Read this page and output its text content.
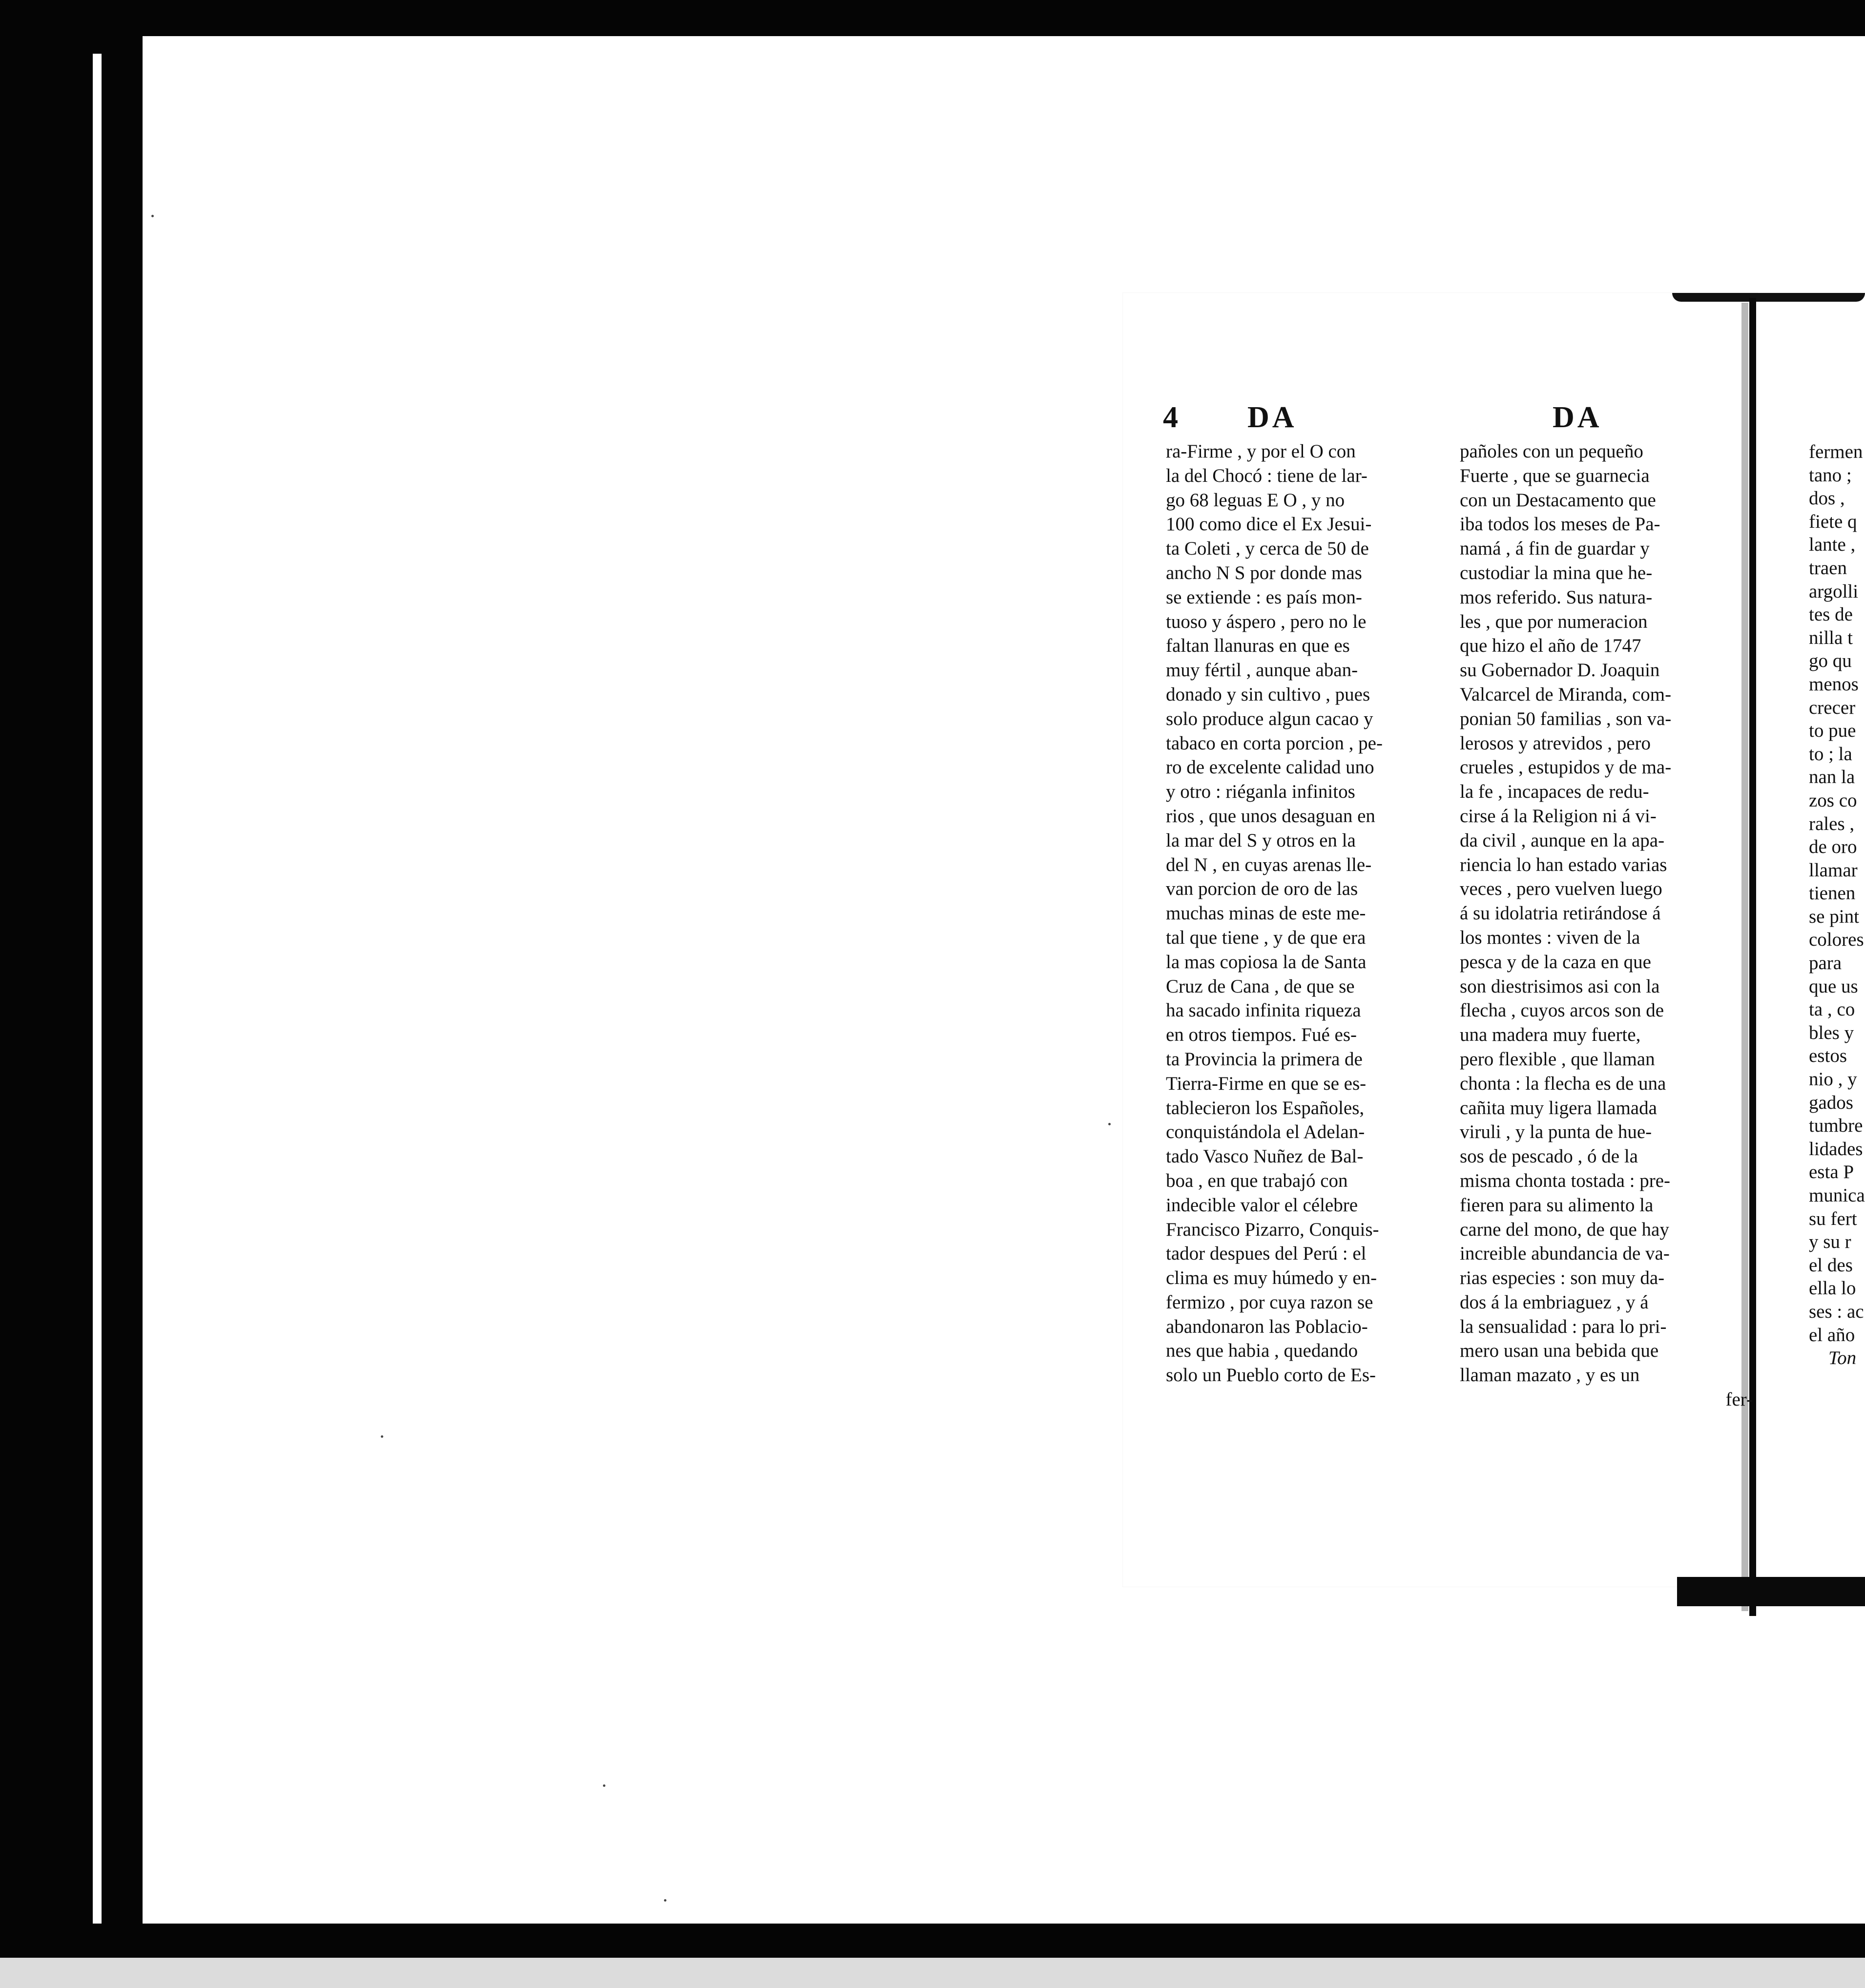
4 DA	DA
ra-Firme , y por el O con
la del Chocó : tiene de lar-
go 68 leguas E O , y no
100 como dice el Ex Jesui-
ta Coleti , y cerca de 50 de
ancho N S por donde mas
se extiende : es país mon-
tuoso y áspero , pero no le
faltan llanuras en que es
muy fértil , aunque aban-
donado y sin cultivo , pues
solo produce algun cacao y
tabaco en corta porcion , pe-
ro de excelente calidad uno
y otro : riéganla infinitos
rios , que unos desaguan en
la mar del S y otros en la
del N , en cuyas arenas lle-
van porcion de oro de las
muchas minas de este me-
tal que tiene , y de que era
la mas copiosa la de Santa
Cruz de Cana , de que se
ha sacado infinita riqueza
en otros tiempos. Fué es-
ta Provincia la primera de
Tierra-Firme en que se es-
tablecieron los Españoles,
conquistándola el Adelan-
tado Vasco Nuñez de Bal-
boa , en que trabajó con
indecible valor el célebre
Francisco Pizarro, Conquis-
tador despues del Perú : el
clima es muy húmedo y en-
fermizo , por cuya razon se
abandonaron las Poblacio-
nes que habia , quedando
solo un Pueblo corto de Es-
pañoles con un pequeño
Fuerte , que se guarnecia
con un Destacamento que
iba todos los meses de Pa-
namá , á fin de guardar y
custodiar la mina que he-
mos referido. Sus natura-
les , que por numeracion
que hizo el año de 1747
su Gobernador D. Joaquin
Valcarcel de Miranda, com-
ponian 50 familias , son va-
lerosos y atrevidos , pero
crueles , estupidos y de ma-
la fe , incapaces de redu-
cirse á la Religion ni á vi-
da civil , aunque en la apa-
riencia lo han estado varias
veces , pero vuelven luego
á su idolatria retirándose á
los montes : viven de la
pesca y de la caza en que
son diestrisimos asi con la
flecha , cuyos arcos son de
una madera muy fuerte,
pero flexible , que llaman
chonta : la flecha es de una
cañita muy ligera llamada
viruli , y la punta de hue-
sos de pescado , ó de la
misma chonta tostada : pre-
fieren para su alimento la
carne del mono, de que hay
increible abundancia de va-
rias especies : son muy da-
dos á la embriaguez , y á
la sensualidad : para lo pri-
mero usan una bebida que
llaman mazato , y es un
fer-
fermen
tano ;
dos ,
fiete q
lante ,
traen
argolli
tes de
nilla t
go qu
menos
crecer
to pue
to ; la
nan la
zos co
rales ,
de oro
llamar
tienen
se pint
colores
para
que us
ta , co
bles y
estos
nio , y
gados
tumbre
lidades
esta P
munica
su fert
y su r
el des
ella lo
ses : ac
el año
Ton
